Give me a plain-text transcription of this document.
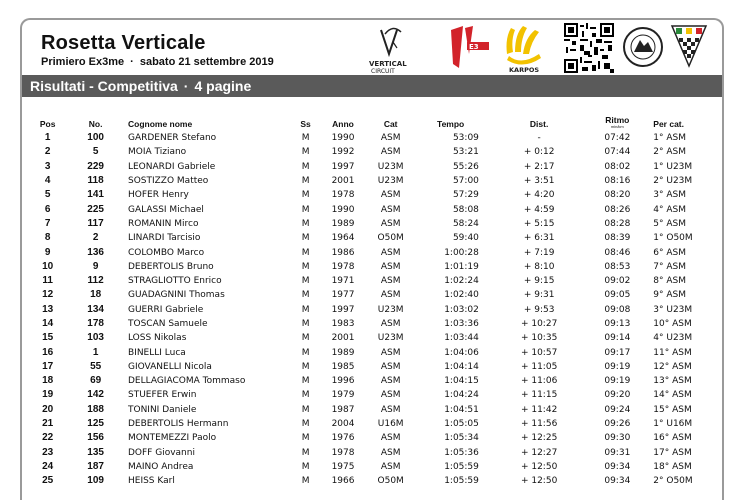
Rosetta Verticale
Primiero Ex3me · sabato 21 settembre 2019	VERTICAL
CIRCUIT
E3
KARPOS
Risultati - Competitiva · 4 pagine
Pos	No.	Cognome nome	Ss	Anno	Cat	Tempo	Dist.	Ritmo
min/km	Per cat.
1	100	GARDENER Stefano	M	1990	ASM	53:09	-	07:42	1° ASM
2	5	MOIA Tiziano	M	1992	ASM	53:21	+ 0:12	07:44	2° ASM
3	229	LEONARDI Gabriele	M	1997	U23M	55:26	+ 2:17	08:02	1° U23M
4	118	SOSTIZZO Matteo	M	2001	U23M	57:00	+ 3:51	08:16	2° U23M
5	141	HOFER Henry	M	1978	ASM	57:29	+ 4:20	08:20	3° ASM
6	225	GALASSI Michael	M	1990	ASM	58:08	+ 4:59	08:26	4° ASM
7	117	ROMANIN Mirco	M	1989	ASM	58:24	+ 5:15	08:28	5° ASM
8	2	LINARDI Tarcisio	M	1964	O50M	59:40	+ 6:31	08:39	1° O50M
9	136	COLOMBO Marco	M	1986	ASM	1:00:28	+ 7:19	08:46	6° ASM
10	9	DEBERTOLIS Bruno	M	1978	ASM	1:01:19	+ 8:10	08:53	7° ASM
11	112	STRAGLIOTTO Enrico	M	1971	ASM	1:02:24	+ 9:15	09:02	8° ASM
12	18	GUADAGNINI Thomas	M	1977	ASM	1:02:40	+ 9:31	09:05	9° ASM
13	134	GUERRI Gabriele	M	1997	U23M	1:03:02	+ 9:53	09:08	3° U23M
14	178	TOSCAN Samuele	M	1983	ASM	1:03:36	+ 10:27	09:13	10° ASM
15	103	LOSS Nikolas	M	2001	U23M	1:03:44	+ 10:35	09:14	4° U23M
16	1	BINELLI Luca	M	1989	ASM	1:04:06	+ 10:57	09:17	11° ASM
17	55	GIOVANELLI Nicola	M	1985	ASM	1:04:14	+ 11:05	09:19	12° ASM
18	69	DELLAGIACOMA Tommaso	M	1996	ASM	1:04:15	+ 11:06	09:19	13° ASM
19	142	STUEFER Erwin	M	1979	ASM	1:04:24	+ 11:15	09:20	14° ASM
20	188	TONINI Daniele	M	1987	ASM	1:04:51	+ 11:42	09:24	15° ASM
21	125	DEBERTOLIS Hermann	M	2004	U16M	1:05:05	+ 11:56	09:26	1° U16M
22	156	MONTEMEZZI Paolo	M	1976	ASM	1:05:34	+ 12:25	09:30	16° ASM
23	135	DOFF Giovanni	M	1978	ASM	1:05:36	+ 12:27	09:31	17° ASM
24	187	MAINO Andrea	M	1975	ASM	1:05:59	+ 12:50	09:34	18° ASM
25	109	HEISS Karl	M	1966	O50M	1:05:59	+ 12:50	09:34	2° O50M
